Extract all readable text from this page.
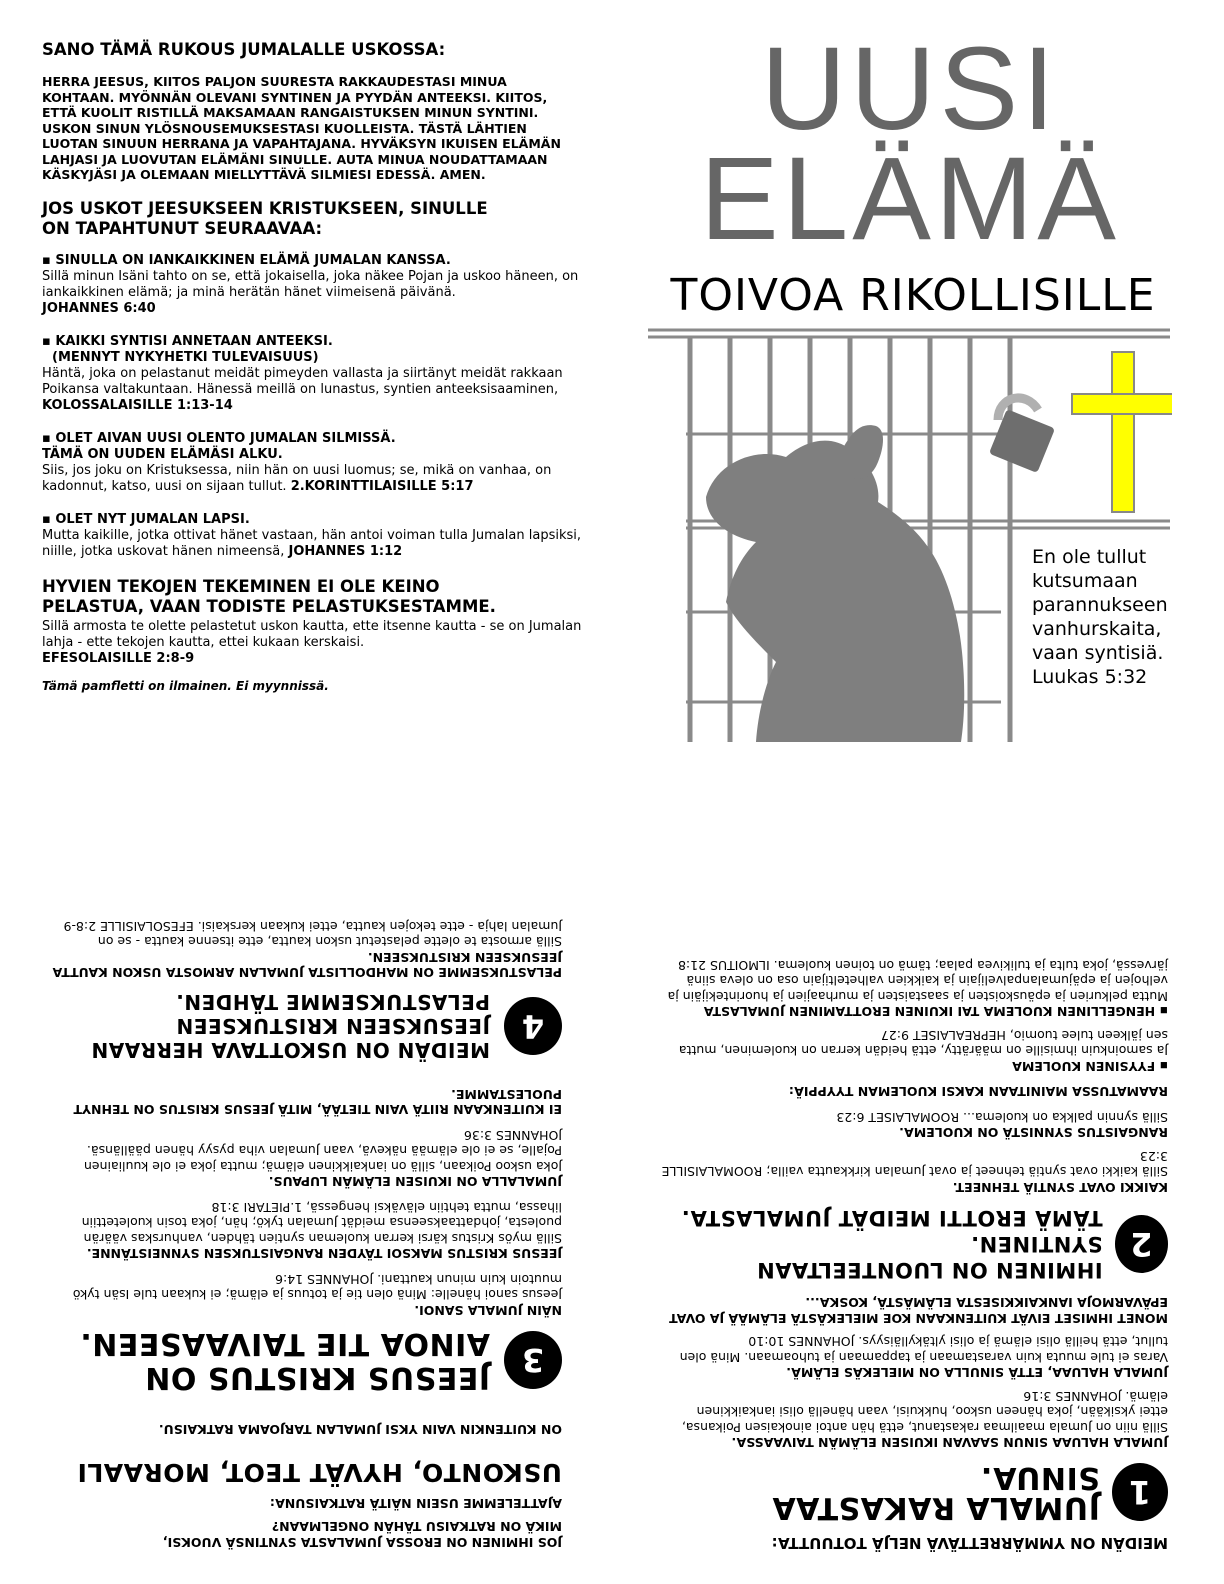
SANO TÄMÄ RUKOUS JUMALALLE USKOSSA:
HERRA JEESUS, KIITOS PALJON SUURESTA RAKKAUDESTASI MINUA KOHTAAN. MYÖNNÄN OLEVANI SYNTINEN JA PYYDÄN ANTEEKSI. KIITOS, ETTÄ KUOLIT RISTILLÄ MAKSAMAAN RANGAISTUKSEN MINUN SYNTINI. USKON SINUN YLÖSNOUSEMUKSESTASI KUOLLEISTA. TÄSTÄ LÄHTIEN LUOTAN SINUUN HERRANA JA VAPAHTAJANA. HYVÄKSYN IKUISEN ELÄMÄN LAHJASI JA LUOVUTAN ELÄMÄNI SINULLE. AUTA MINUA NOUDATTAMAAN KÄSKYJÄSI JA OLEMAAN MIELLYTTÄVÄ SILMIESI EDESSÄ. AMEN.
JOS USKOT JEESUKSEEN KRISTUKSEEN, SINULLE
ON TAPAHTUNUT SEURAAVAA:
▪ SINULLA ON IANKAIKKINEN ELÄMÄ JUMALAN KANSSA.
Sillä minun Isäni tahto on se, että jokaisella, joka näkee Pojan ja uskoo häneen, on iankaikkinen elämä; ja minä herätän hänet viimeisenä päivänä.
JOHANNES 6:40
▪ KAIKKI SYNTISI ANNETAAN ANTEEKSI.
(MENNYT NYKYHETKI TULEVAISUUS)
Häntä, joka on pelastanut meidät pimeyden vallasta ja siirtänyt meidät rakkaan Poikansa valtakuntaan. Hänessä meillä on lunastus, syntien anteeksisaaminen, KOLOSSALAISILLE 1:13-14
▪ OLET AIVAN UUSI OLENTO JUMALAN SILMISSÄ.
TÄMÄ ON UUDEN ELÄMÄSI ALKU.
Siis, jos joku on Kristuksessa, niin hän on uusi luomus; se, mikä on vanhaa, on kadonnut, katso, uusi on sijaan tullut. 2.KORINTTILAISILLE 5:17
▪ OLET NYT JUMALAN LAPSI.
Mutta kaikille, jotka ottivat hänet vastaan, hän antoi voiman tulla Jumalan lapsiksi, niille, jotka uskovat hänen nimeensä, JOHANNES 1:12
HYVIEN TEKOJEN TEKEMINEN EI OLE KEINO
PELASTUA, VAAN TODISTE PELASTUKSESTAMME.
Sillä armosta te olette pelastetut uskon kautta, ette itsenne kautta - se on Jumalan lahja - ette tekojen kautta, ettei kukaan kerskaisi.
EFESOLAISILLE 2:8-9
Tämä pamfletti on ilmainen. Ei myynnissä.
UUSI
ELÄMÄ
TOIVOA RIKOLLISILLE
En ole tullut
kutsumaan
parannukseen
vanhurskaita,
vaan syntisiä.
Luukas 5:32
JOS IHMINEN ON EROSSA JUMALASTA SYNTINSÄ VUOKSI,
MIKÄ ON RATKAISU TÄHÄN ONGELMAAN?
AJATTELEMME USEIN NÄITÄ RATKAISUNA:
USKONTO, HYVÄT TEOT, MORAALI
ON KUITENKIN VAIN YKSI JUMALAN TARJOAMA RATKAISU.
3
JEESUS KRISTUS ON
AINOA TIE TAIVAASEEN.
NÄIN JUMALA SANOI.
Jeesus sanoi hänelle: Minä olen tie ja totuus ja elämä; ei kukaan tule Isän tykö muutoin kuin minun kauttani. JOHANNES 14:6
JEESUS KRISTUS MAKSOI TÄYDEN RANGAISTUKSEN SYNNEISTÄNNE.
Sillä myös Kristus kärsi kerran kuoleman syntien tähden, vanhurskas väärän puolesta, johdattaakseensa meidät Jumalan tykö; hän, joka tosin kuoletettiin lihassa, mutta tehtiin eläväksi hengessä, 1.PIETARI 3:18
JUMALALLA ON IKUISEN ELÄMÄN LUPAUS.
Joka uskoo Poikaan, sillä on iankaikkinen elämä; mutta joka ei ole kuuliainen Pojalle, se ei ole elämää näkevä, vaan Jumalan viha pysyy hänen päällänsä. JOHANNES 3:36
EI KUITENKAAN RIITÄ VAIN TIETÄÄ, MITÄ JEESUS KRISTUS ON TEHNYT PUOLESTAMME.
4
MEIDÄN ON USKOTTAVA HERRAAN
JEESUKSEEN KRISTUKSEEN
PELASTUKSEMME TÄHDEN.
PELASTUKSEMME ON MAHDOLLISTA JUMALAN ARMOSTA USKON KAUTTA JEESUKSEEN KRISTUKSEEN.
Sillä armosta te olette pelastetut uskon kautta, ette itsenne kautta - se on Jumalan lahja - ette tekojen kautta, ettei kukaan kerskaisi. EFESOLAISILLE 2:8-9
MEIDÄN ON YMMÄRRETTÄVÄ NELJÄ TOTUUTTA:
1
JUMALA RAKASTAA SINUA.
JUMALA HALUAA SINUN SAAVAN IKUISEN ELÄMÄN TAIVAASSA.
Sillä niin on Jumala maailmaa rakastanut, että hän antoi ainokaisen Poikansa, ettei yksikään, joka häneen uskoo, hukkuisi, vaan hänellä olisi iankaikkinen elämä. JOHANNES 3:16
JUMALA HALUAA, ETTÄ SINULLA ON MIELEKÄS ELÄMÄ.
Varas ei tule muuta kuin varastamaan ja tappamaan ja tuhoamaan. Minä olen tullut, että heillä olisi elämä ja olisi yltäkylläisyys. JOHANNES 10:10
MONET IHMISET EIVÄT KUITENKAAN KOE MIELEKÄSTÄ ELÄMÄÄ JA OVAT EPÄVARMOJA IANKAIKKISESTA ELÄMÄSTÄ, KOSKA...
2
IHMINEN ON LUONTEELTAAN SYNTINEN.
TÄMÄ EROTTI MEIDÄT JUMALASTA.
KAIKKI OVAT SYNTIÄ TEHNEET.
Sillä kaikki ovat syntiä tehneet ja ovat Jumalan kirkkautta vailla; ROOMALAISILLE 3:23
RANGAISTUS SYNNISTÄ ON KUOLEMA.
Sillä synnin palkka on kuolema... ROOMALAISET 6:23
RAAMATUSSA MAINITAAN KAKSI KUOLEMAN TYYPPIÄ:
▪ FYYSINEN KUOLEMA
Ja samoinkuin ihmisille on määrätty, että heidän kerran on kuoleminen, mutta sen jälkeen tulee tuomio, HEPREALAISET 9:27
▪ HENGELLINEN KUOLEMA TAI IKUINEN EROTTAMINEN JUMALASTA
Mutta pelkurien ja epäuskoisten ja saastaisten ja murhaajien ja huorintekijäin ja velhojen ja epäjumalanpalvelijain ja kaikkien valheteltijain osa on oleva siinä järvessä, joka tulta ja tulikivea palaa; tämä on toinen kuolema. ILMOITUS 21:8
